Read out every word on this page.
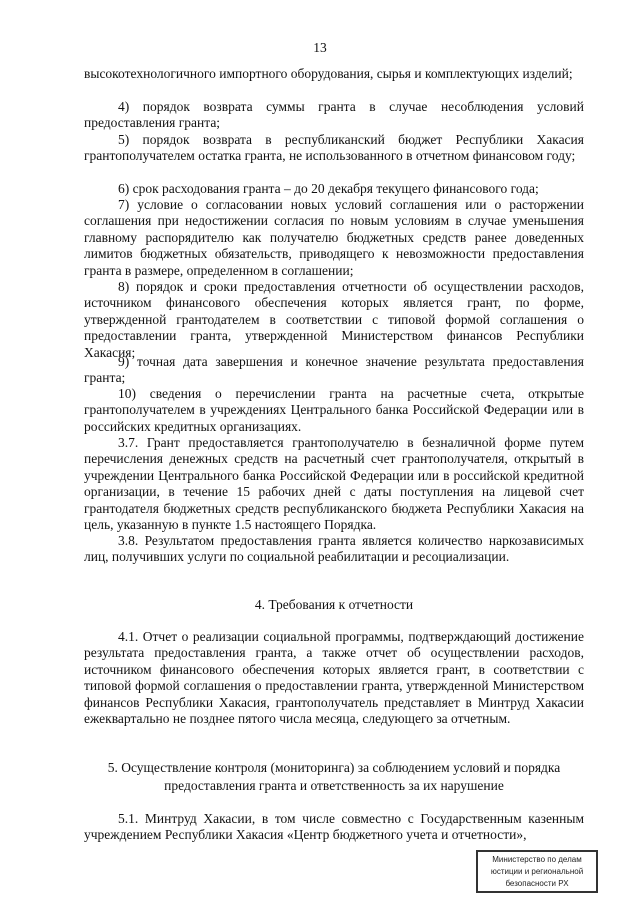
13

высокотехнологичного импортного оборудования, сырья и комплектующих изделий;

4) порядок возврата суммы гранта в случае несоблюдения условий предоставления гранта;

5) порядок возврата в республиканский бюджет Республики Хакасия грантополучателем остатка гранта, не использованного в отчетном финансовом году;

6) срок расходования гранта – до 20 декабря текущего финансового года;

7) условие о согласовании новых условий соглашения или о расторжении соглашения при недостижении согласия по новым условиям в случае уменьшения главному распорядителю как получателю бюджетных средств ранее доведенных лимитов бюджетных обязательств, приводящего к невозможности предоставления гранта в размере, определенном в соглашении;

8) порядок и сроки предоставления отчетности об осуществлении расходов, источником финансового обеспечения которых является грант, по форме, утвержденной грантодателем в соответствии с типовой формой соглашения о предоставлении гранта, утвержденной Министерством финансов Республики Хакасия;

9) точная дата завершения и конечное значение результата предоставления гранта;

10) сведения о перечислении гранта на расчетные счета, открытые грантополучателем в учреждениях Центрального банка Российской Федерации или в российских кредитных организациях.

3.7. Грант предоставляется грантополучателю в безналичной форме путем перечисления денежных средств на расчетный счет грантополучателя, открытый в учреждении Центрального банка Российской Федерации или в российской кредитной организации, в течение 15 рабочих дней с даты поступления на лицевой счет грантодателя бюджетных средств республиканского бюджета Республики Хакасия на цель, указанную в пункте 1.5 настоящего Порядка.

3.8. Результатом предоставления гранта является количество наркозависимых лиц, получивших услуги по социальной реабилитации и ресоциализации.

4. Требования к отчетности

4.1. Отчет о реализации социальной программы, подтверждающий достижение результата предоставления гранта, а также отчет об осуществлении расходов, источником финансового обеспечения которых является грант, в соответствии с типовой формой соглашения о предоставлении гранта, утвержденной Министерством финансов Республики Хакасия, грантополучатель представляет в Минтруд Хакасии ежеквартально не позднее пятого числа месяца, следующего за отчетным.

5. Осуществление контроля (мониторинга) за соблюдением условий и порядка
предоставления гранта и ответственность за их нарушение

5.1. Минтруд Хакасии, в том числе совместно с Государственным казенным учреждением Республики Хакасия «Центр бюджетного учета и отчетности»,

Министерство по делам
юстиции и региональной
безопасности РХ
